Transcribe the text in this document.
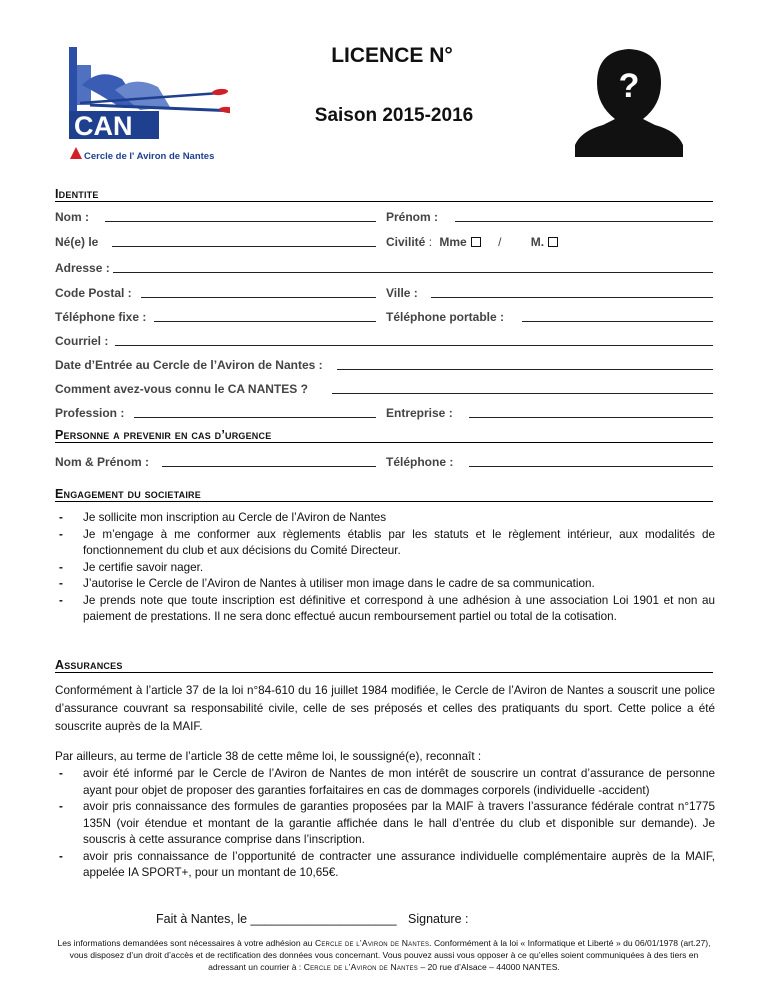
CAN
Cercle de l' Aviron de Nantes
LICENCE N°
Saison 2015-2016
?
Identite
Nom :	Prénom :
Né(e) le	Civilité : Mme	/ M.
Adresse :
Code Postal :	Ville :
Téléphone fixe :	Téléphone portable :
Courriel :
Date d’Entrée au Cercle de l’Aviron de Nantes :
Comment avez-vous connu le CA NANTES ?
Profession :	Entreprise :
Personne a prevenir en cas d’urgence
Nom & Prénom :	Téléphone :
Engagement du societaire
- Je sollicite mon inscription au Cercle de l’Aviron de Nantes
- Je m’engage à me conformer aux règlements établis par les statuts et le règlement intérieur, aux modalités de fonctionnement du club et aux décisions du Comité Directeur.
- Je certifie savoir nager.
- J’autorise le Cercle de l’Aviron de Nantes à utiliser mon image dans le cadre de sa communication.
- Je prends note que toute inscription est définitive et correspond à une adhésion à une association Loi 1901 et non au paiement de prestations. Il ne sera donc effectué aucun remboursement partiel ou total de la cotisation.
Assurances
Conformément à l’article 37 de la loi n°84-610 du 16 juillet 1984 modifiée, le Cercle de l’Aviron de Nantes a souscrit une police d’assurance couvrant sa responsabilité civile, celle de ses préposés et celles des pratiquants du sport. Cette police a été souscrite auprès de la MAIF.
Par ailleurs, au terme de l’article 38 de cette même loi, le soussigné(e), reconnaît :
- avoir été informé par le Cercle de l’Aviron de Nantes de mon intérêt de souscrire un contrat d’assurance de personne ayant pour objet de proposer des garanties forfaitaires en cas de dommages corporels (individuelle -accident)
- avoir pris connaissance des formules de garanties proposées par la MAIF à travers l’assurance fédérale contrat n°1775 135N (voir étendue et montant de la garantie affichée dans le hall d’entrée du club et disponible sur demande). Je souscris à cette assurance comprise dans l’inscription.
- avoir pris connaissance de l’opportunité de contracter une assurance individuelle complémentaire auprès de la MAIF, appelée IA SPORT+, pour un montant de 10,65€.
Fait à Nantes, le _____________________ Signature :
Les informations demandées sont nécessaires à votre adhésion au Cercle de l’Aviron de Nantes. Conformément à la loi « Informatique et Liberté » du 06/01/1978 (art.27), vous disposez d’un droit d’accès et de rectification des données vous concernant. Vous pouvez aussi vous opposer à ce qu’elles soient communiquées à des tiers en adressant un courrier à : Cercle de l’Aviron de Nantes – 20 rue d’Alsace – 44000 NANTES.
